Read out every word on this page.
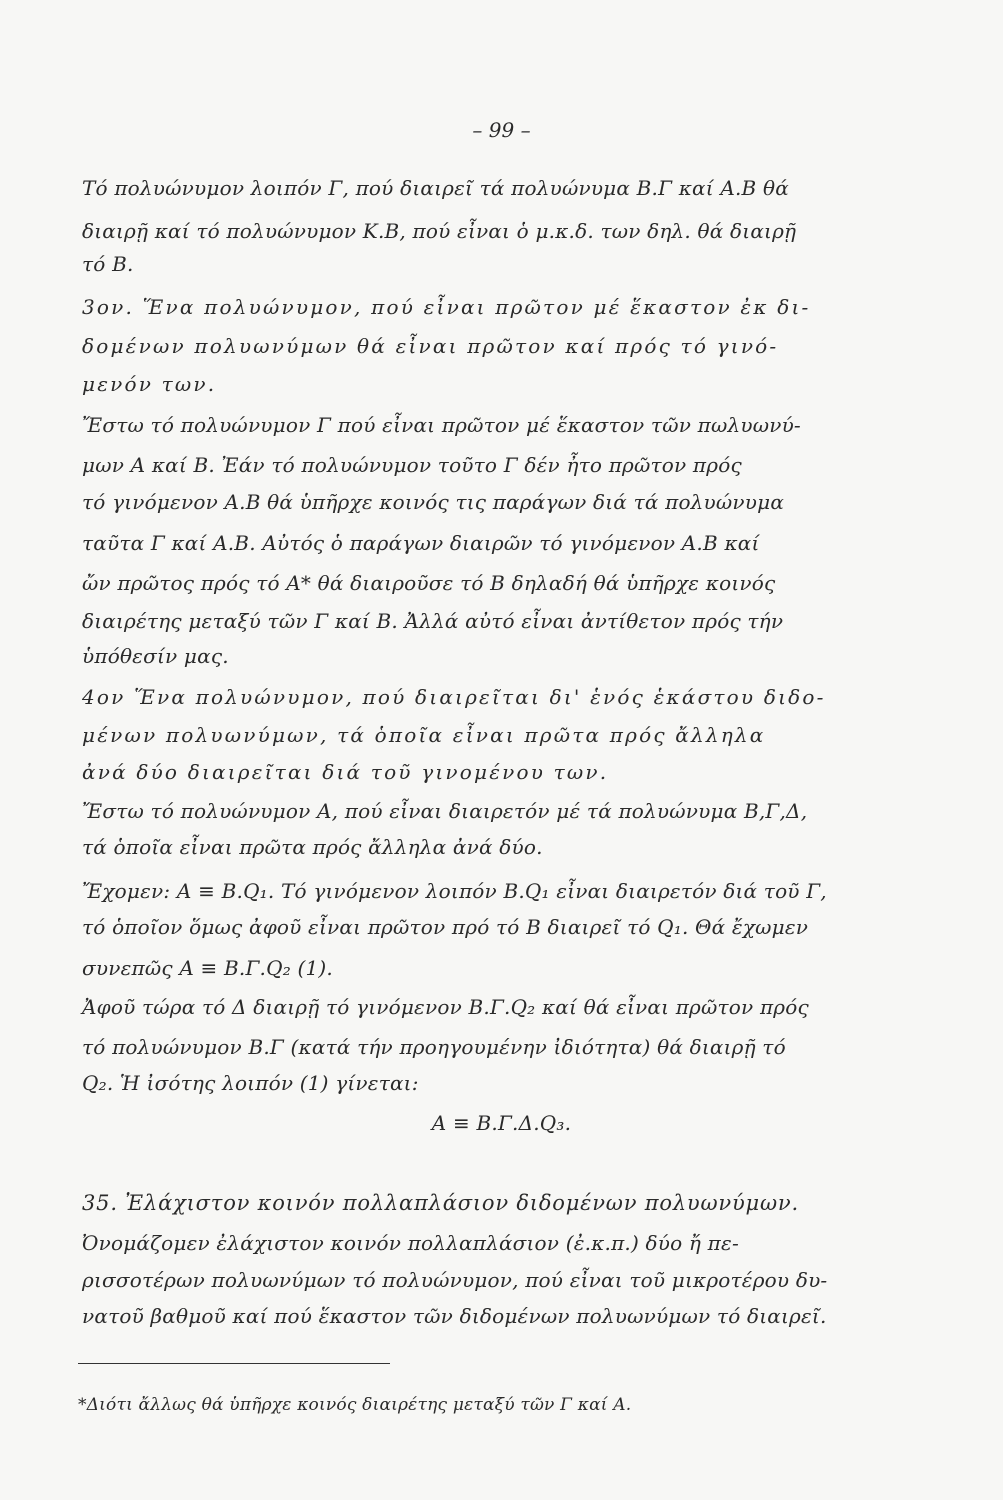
– 99 –
Τό πολυώνυμον λοιπόν Γ, πού διαιρεῖ τά πολυώνυμα Β.Γ καί Α.Β θά
διαιρῇ καί τό πολυώνυμον Κ.Β, πού εἶναι ὁ μ.κ.δ. των δηλ. θά διαιρῇ
τό Β.
3ον. Ἕνα πολυώνυμον, πού εἶναι πρῶτον μέ ἕκαστον ἐκ δι-
δομένων πολυωνύμων θά εἶναι πρῶτον καί πρός τό γινό-
μενόν των.
Ἔστω τό πολυώνυμον Γ πού εἶναι πρῶτον μέ ἕκαστον τῶν πωλυωνύ-
μων Α καί Β. Ἐάν τό πολυώνυμον τοῦτο Γ δέν ἦτο πρῶτον πρός
τό γινόμενον Α.Β θά ὑπῆρχε κοινός τις παράγων διά τά πολυώνυμα
ταῦτα Γ καί Α.Β. Αὐτός ὁ παράγων διαιρῶν τό γινόμενον Α.Β καί
ὤν πρῶτος πρός τό Α* θά διαιροῦσε τό Β δηλαδή θά ὑπῆρχε κοινός
διαιρέτης μεταξύ τῶν Γ καί Β. Ἀλλά αὐτό εἶναι ἀντίθετον πρός τήν
ὑπόθεσίν μας.
4ον Ἕνα πολυώνυμον, πού διαιρεῖται δι' ἑνός ἑκάστου διδο-
μένων πολυωνύμων, τά ὁποῖα εἶναι πρῶτα πρός ἄλληλα
ἀνά δύο διαιρεῖται διά τοῦ γινομένου των.
Ἔστω τό πολυώνυμον Α, πού εἶναι διαιρετόν μέ τά πολυώνυμα Β,Γ,Δ,
τά ὁποῖα εἶναι πρῶτα πρός ἄλληλα ἀνά δύο.
Ἔχομεν: Α ≡ Β.Q₁. Τό γινόμενον λοιπόν Β.Q₁ εἶναι διαιρετόν διά τοῦ Γ,
τό ὁποῖον ὅμως ἀφοῦ εἶναι πρῶτον πρό τό Β διαιρεῖ τό Q₁. Θά ἔχωμεν
συνεπῶς Α ≡ Β.Γ.Q₂ (1).
Ἀφοῦ τώρα τό Δ διαιρῇ τό γινόμενον Β.Γ.Q₂ καί θά εἶναι πρῶτον πρός
τό πολυώνυμον Β.Γ (κατά τήν προηγουμένην ἰδιότητα) θά διαιρῇ τό
Q₂. Ἡ ἰσότης λοιπόν (1) γίνεται:
Α ≡ Β.Γ.Δ.Q₃.
35. Ἐλάχιστον κοινόν πολλαπλάσιον διδομένων πολυωνύμων.
Ὀνομάζομεν ἐλάχιστον κοινόν πολλαπλάσιον (ἐ.κ.π.) δύο ἤ πε-
ρισσοτέρων πολυωνύμων τό πολυώνυμον, πού εἶναι τοῦ μικροτέρου δυ-
νατοῦ βαθμοῦ καί πού ἕκαστον τῶν διδομένων πολυωνύμων τό διαιρεῖ.
*Διότι ἄλλως θά ὑπῆρχε κοινός διαιρέτης μεταξύ τῶν Γ καί Α.
